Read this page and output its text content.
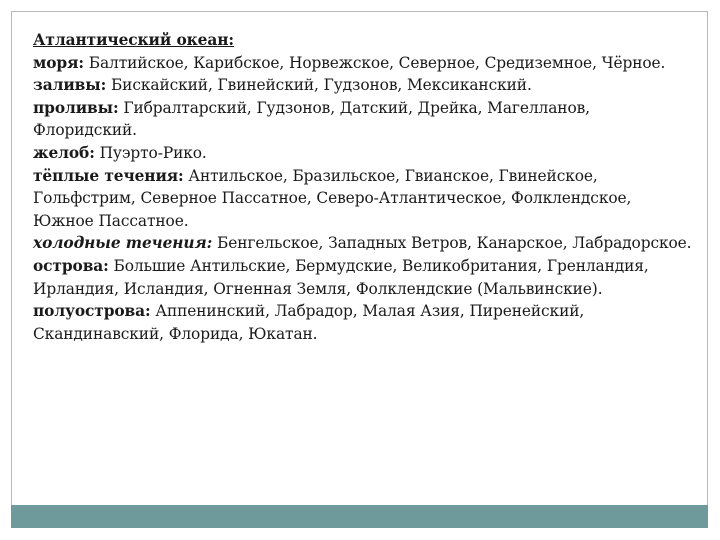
Атлантический океан:
моря: Балтийское, Карибское, Норвежское, Северное, Средиземное, Чёрное.
заливы: Бискайский, Гвинейский, Гудзонов, Мексиканский.
проливы: Гибралтарский, Гудзонов, Датский, Дрейка, Магелланов, Флоридский.
желоб: Пуэрто-Рико.
тёплые течения: Антильское, Бразильское, Гвианское, Гвинейское, Гольфстрим, Северное Пассатное, Северо-Атлантическое, Фолклендское, Южное Пассатное.
холодные течения: Бенгельское, Западных Ветров, Канарское, Лабрадорское.
острова: Большие Антильские, Бермудские, Великобритания, Гренландия, Ирландия, Исландия, Огненная Земля, Фолклендские (Мальвинские).
полуострова: Аппенинский, Лабрадор, Малая Азия, Пиренейский, Скандинавский, Флорида, Юкатан.
